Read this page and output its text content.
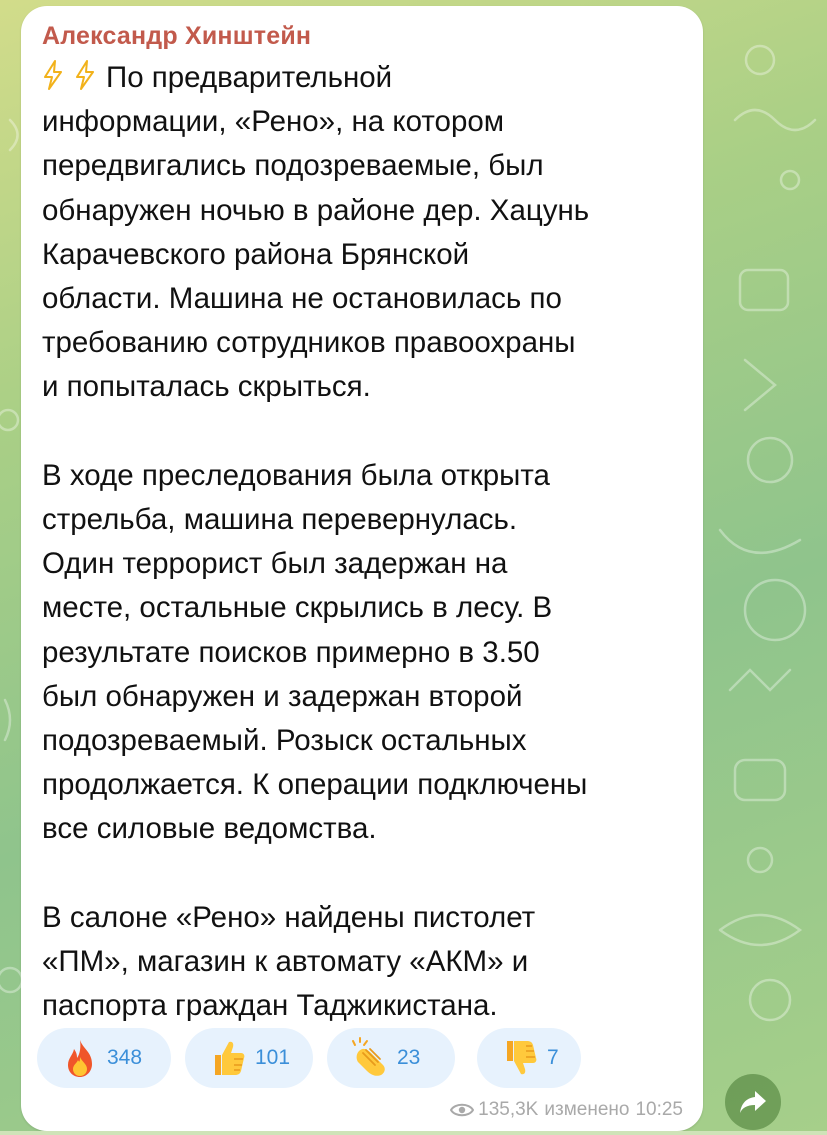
Александр Хинштейн
По предварительной
информации, «Рено», на котором
передвигались подозреваемые, был
обнаружен ночью в районе дер. Хацунь
Карачевского района Брянской
области. Машина не остановилась по
требованию сотрудников правоохраны
и попыталась скрыться.

В ходе преследования была открыта
стрельба, машина перевернулась.
Один террорист был задержан на
месте, остальные скрылись в лесу. В
результате поисков примерно в 3.50
был обнаружен и задержан второй
подозреваемый. Розыск остальных
продолжается. К операции подключены
все силовые ведомства.

В салоне «Рено» найдены пистолет
«ПМ», магазин к автомату «АКМ» и
паспорта граждан Таджикистана.
348	101	23	7
135,3K изменено 10:25
